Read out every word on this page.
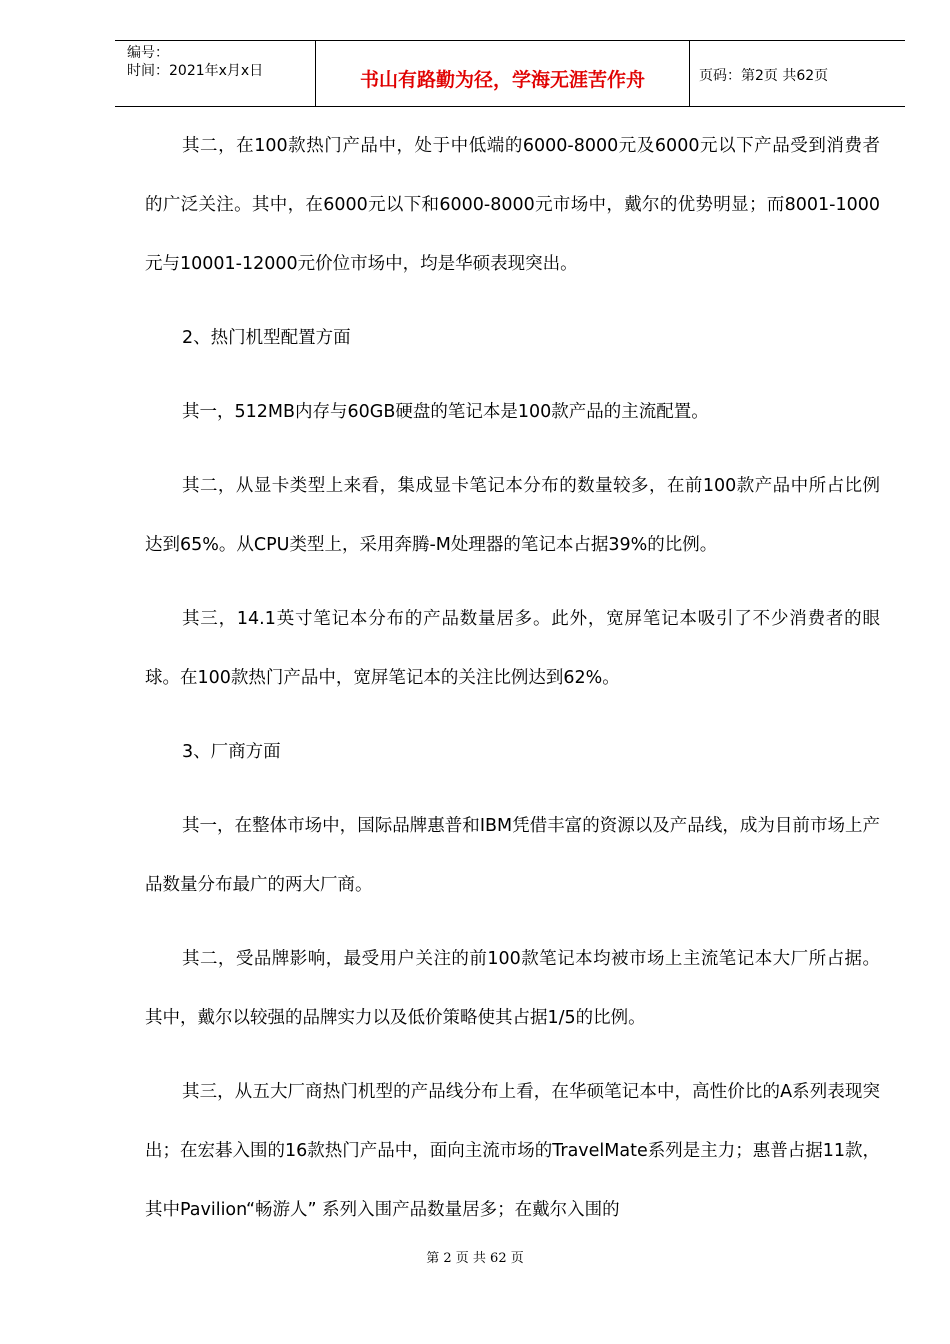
编号：
时间：2021年x月x日	书山有路勤为径，学海无涯苦作舟	页码：第2页 共62页

其二，在100款热门产品中，处于中低端的6000-8000元及6000元以下产品受到消费者的广泛关注。其中，在6000元以下和6000-8000元市场中，戴尔的优势明显；而8001-1000元与10001-12000元价位市场中，均是华硕表现突出。

2、热门机型配置方面

其一，512MB内存与60GB硬盘的笔记本是100款产品的主流配置。

其二，从显卡类型上来看，集成显卡笔记本分布的数量较多，在前100款产品中所占比例达到65%。从CPU类型上，采用奔腾-M处理器的笔记本占据39%的比例。

其三，14.1英寸笔记本分布的产品数量居多。此外，宽屏笔记本吸引了不少消费者的眼球。在100款热门产品中，宽屏笔记本的关注比例达到62%。

3、厂商方面

其一，在整体市场中，国际品牌惠普和IBM凭借丰富的资源以及产品线，成为目前市场上产品数量分布最广的两大厂商。

其二，受品牌影响，最受用户关注的前100款笔记本均被市场上主流笔记本大厂所占据。其中，戴尔以较强的品牌实力以及低价策略使其占据1/5的比例。

其三，从五大厂商热门机型的产品线分布上看，在华硕笔记本中，高性价比的A系列表现突出；在宏碁入围的16款热门产品中，面向主流市场的TravelMate系列是主力；惠普占据11款，其中Pavilion“畅游人” 系列入围产品数量居多；在戴尔入围的

第 2 页 共 62 页
